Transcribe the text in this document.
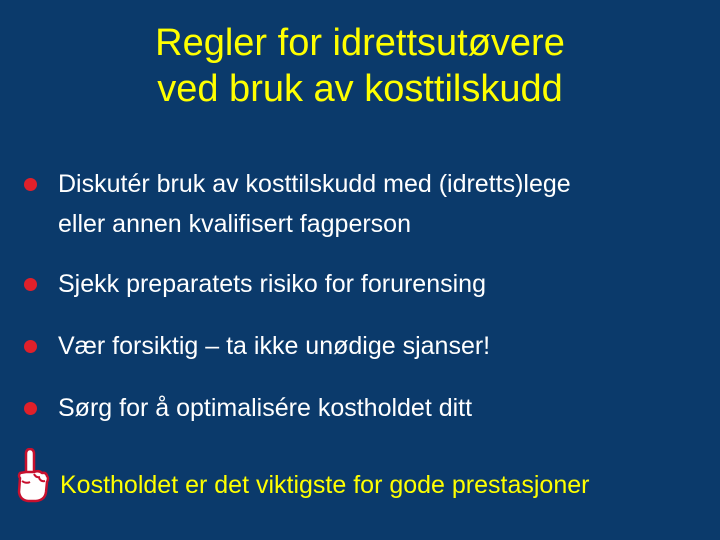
Regler for idrettsutøvere
ved bruk av kosttilskudd
Diskutér bruk av kosttilskudd med (idretts)lege
eller annen kvalifisert fagperson
Sjekk preparatets risiko for forurensing
Vær forsiktig – ta ikke unødige sjanser!
Sørg for å optimalisére kostholdet ditt
Kostholdet er det viktigste for gode prestasjoner
